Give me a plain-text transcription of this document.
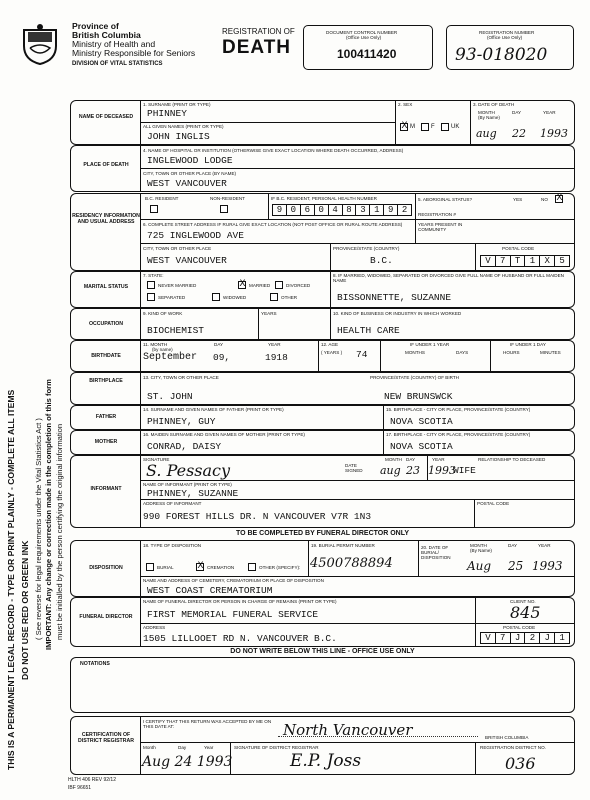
Province of
British Columbia
Ministry of Health and
Ministry Responsible for Seniors
DIVISION OF VITAL STATISTICS
REGISTRATION OF
DEATH
DOCUMENT CONTROL NUMBER
(Office Use Only)
100411420
REGISTRATION NUMBER
(Office Use Only)
93-018020
THIS IS A PERMANENT LEGAL RECORD - TYPE OR PRINT PLAINLY - COMPLETE ALL ITEMS DO NOT USE RED OR GREEN INK ( See reverse for legal requirements under the Vital Statistics Act ) IMPORTANT: Any change or correction made in the completion of this form must be initialled by the person certifying the original information
NAME OF DECEASED
1. SURNAME (PRINT OR TYPE)
PHINNEY
ALL GIVEN NAMES (PRINT OR TYPE)
JOHN INGLIS
2. SEX
X M	F	UK
3. DATE OF DEATH
MONTH
(By Name)
DAY	YEAR
aug 22 1993
PLACE OF DEATH
4. NAME OF HOSPITAL OR INSTITUTION (OTHERWISE GIVE EXACT LOCATION WHERE DEATH OCCURRED, ADDRESS)
INGLEWOOD LODGE
CITY, TOWN OR OTHER PLACE (BY NAME)
WEST VANCOUVER
RESIDENCY INFORMATION AND USUAL ADDRESS
B.C. RESIDENT	NON-RESIDENT	IF B.C. RESIDENT, PERSONAL HEALTH NUMBER
9 0 6 0 4 8 3 1 9 2
5. ABORIGINAL STATUS?	YES	NO X
REGISTRATION #
6. COMPLETE STREET ADDRESS IF RURAL GIVE EXACT LOCATION (NOT POST OFFICE OR RURAL ROUTE ADDRESS)
725 INGLEWOOD AVE
YEARS PRESENT IN COMMUNITY
CITY, TOWN OR OTHER PLACE
WEST VANCOUVER
PROVINCE/STATE (COUNTRY)
B.C.
POSTAL CODE
V	7	T	1	X	5
MARITAL STATUS
7. STATE:
NEVER MARRIED	X MARRIED	DIVORCED
SEPARATED	WIDOWED	OTHER
8. IF MARRIED, WIDOWED, SEPARATED OR DIVORCED GIVE FULL NAME OF HUSBAND OR FULL MAIDEN NAME
BISSONNETTE, SUZANNE
OCCUPATION
9. KIND OF WORK
BIOCHEMIST
YEARS	10. KIND OF BUSINESS OR INDUSTRY IN WHICH WORKED
HEALTH CARE
BIRTHDATE
11. MONTH
(by name)
DAY	YEAR
September 09,	1918
12. AGE
( YEARS ) 74
IF UNDER 1 YEAR
MONTHS	DAYS
IF UNDER 1 DAY
HOURS	MINUTES
BIRTHPLACE
13. CITY, TOWN OR OTHER PLACE
ST. JOHN
PROVINCE/STATE (COUNTRY) OF BIRTH
NEW BRUNSWCK
FATHER
14. SURNAME AND GIVEN NAMES OF FATHER (PRINT OR TYPE)
PHINNEY, GUY
15. BIRTHPLACE - CITY OR PLACE, PROVINCE/STATE (COUNTRY)
NOVA SCOTIA
MOTHER
16. MAIDEN SURNAME AND GIVEN NAMES OF MOTHER (PRINT OR TYPE)
CONRAD, DAISY
17. BIRTHPLACE - CITY OR PLACE, PROVINCE/STATE (COUNTRY)
NOVA SCOTIA
INFORMANT
SIGNATURE
S. Pessacy	DATE SIGNED
MONTH DAY	YEAR
aug 23 1993
RELATIONSHIP TO DECEASED
WIFE
NAME OF INFORMANT (PRINT OR TYPE)
PHINNEY, SUZANNE
ADDRESS OF INFORMANT
990 FOREST HILLS DR. N VANCOUVER V7R 1N3
POSTAL CODE
TO BE COMPLETED BY FUNERAL DIRECTOR ONLY
DISPOSITION
18. TYPE OF DISPOSITION
BURIAL	X CREMATION	OTHER (SPECIFY):
19. BURIAL PERMIT NUMBER
4500788894
20. DATE OF BURIAL/ DISPOSITION
MONTH
(By Name)
DAY	YEAR
Aug 25 1993
NAME AND ADDRESS OF CEMETERY, CREMATORIUM OR PLACE OF DISPOSITION
WEST COAST CREMATORIUM
FUNERAL DIRECTOR
NAME OF FUNERAL DIRECTOR OR PERSON IN CHARGE OF REMAINS (PRINT OR TYPE)
FIRST MEMORIAL FUNERAL SERVICE
CLIENT NO.
845
ADDRESS
1505 LILLOOET RD N. VANCOUVER B.C.
POSTAL CODE
V	7	J	2	J	1
DO NOT WRITE BELOW THIS LINE - OFFICE USE ONLY
NOTATIONS
CERTIFICATION OF DISTRICT REGISTRAR
I CERTIFY THAT THIS RETURN WAS ACCEPTED BY ME ON THIS DATE AT:	North Vancouver	BRITISH COLUMBIA
Month	Day	Year
Aug 24 1993
SIGNATURE OF DISTRICT REGISTRAR
E.P. Joss
REGISTRATION DISTRICT NO.
036
HLTH 406 REV 92/12
IBF 96651
